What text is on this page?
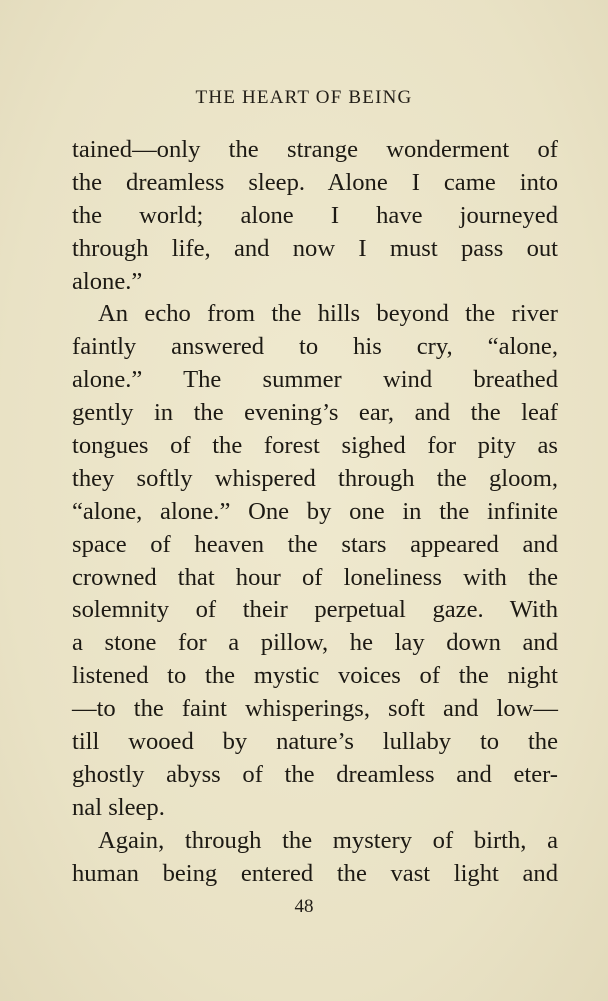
THE HEART OF BEING
tained—only the strange wonderment of
the dreamless sleep. Alone I came into
the world; alone I have journeyed
through life, and now I must pass out
alone.”
An echo from the hills beyond the river
faintly answered to his cry, “alone,
alone.” The summer wind breathed
gently in the evening’s ear, and the leaf
tongues of the forest sighed for pity as
they softly whispered through the gloom,
“alone, alone.” One by one in the infinite
space of heaven the stars appeared and
crowned that hour of loneliness with the
solemnity of their perpetual gaze. With
a stone for a pillow, he lay down and
listened to the mystic voices of the night
—to the faint whisperings, soft and low—
till wooed by nature’s lullaby to the
ghostly abyss of the dreamless and eter-
nal sleep.
Again, through the mystery of birth, a
human being entered the vast light and
48
